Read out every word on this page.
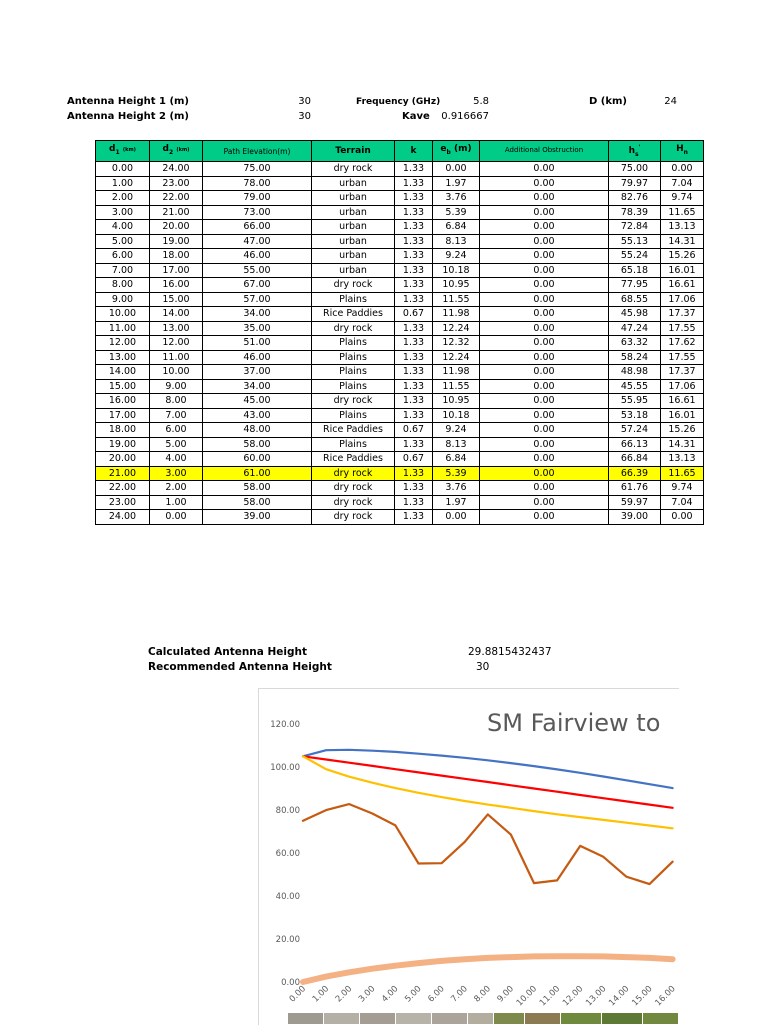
Antenna Height 1 (m)	30
Antenna Height 2 (m)	30
Frequency (GHz)	5.8
Kave	0.916667
D (km)	24
$d_1$ (km)	$d_2$ (km)	Path Elevation(m)	Terrain	k	$e_b$ (m)	Additional Obstruction	$h_s'$	$H_n$
0.00	24.00	75.00	dry rock	1.33	0.00	0.00	75.00	0.00
1.00	23.00	78.00	urban	1.33	1.97	0.00	79.97	7.04
2.00	22.00	79.00	urban	1.33	3.76	0.00	82.76	9.74
3.00	21.00	73.00	urban	1.33	5.39	0.00	78.39	11.65
4.00	20.00	66.00	urban	1.33	6.84	0.00	72.84	13.13
5.00	19.00	47.00	urban	1.33	8.13	0.00	55.13	14.31
6.00	18.00	46.00	urban	1.33	9.24	0.00	55.24	15.26
7.00	17.00	55.00	urban	1.33	10.18	0.00	65.18	16.01
8.00	16.00	67.00	dry rock	1.33	10.95	0.00	77.95	16.61
9.00	15.00	57.00	Plains	1.33	11.55	0.00	68.55	17.06
10.00	14.00	34.00	Rice Paddies	0.67	11.98	0.00	45.98	17.37
11.00	13.00	35.00	dry rock	1.33	12.24	0.00	47.24	17.55
12.00	12.00	51.00	Plains	1.33	12.32	0.00	63.32	17.62
13.00	11.00	46.00	Plains	1.33	12.24	0.00	58.24	17.55
14.00	10.00	37.00	Plains	1.33	11.98	0.00	48.98	17.37
15.00	9.00	34.00	Plains	1.33	11.55	0.00	45.55	17.06
16.00	8.00	45.00	dry rock	1.33	10.95	0.00	55.95	16.61
17.00	7.00	43.00	Plains	1.33	10.18	0.00	53.18	16.01
18.00	6.00	48.00	Rice Paddies	0.67	9.24	0.00	57.24	15.26
19.00	5.00	58.00	Plains	1.33	8.13	0.00	66.13	14.31
20.00	4.00	60.00	Rice Paddies	0.67	6.84	0.00	66.84	13.13
21.00	3.00	61.00	dry rock	1.33	5.39	0.00	66.39	11.65
22.00	2.00	58.00	dry rock	1.33	3.76	0.00	61.76	9.74
23.00	1.00	58.00	dry rock	1.33	1.97	0.00	59.97	7.04
24.00	0.00	39.00	dry rock	1.33	0.00	0.00	39.00	0.00
Calculated Antenna Height	29.8815432437
Recommended Antenna Height	30
SM Fairview to
0.00
20.00
40.00
60.00
80.00
100.00
120.00
0.00 1.00 2.00 3.00 4.00 5.00 6.00 7.00 8.00 9.00
10.00
11.00
12.00
13.00
14.00
15.00
16.00
